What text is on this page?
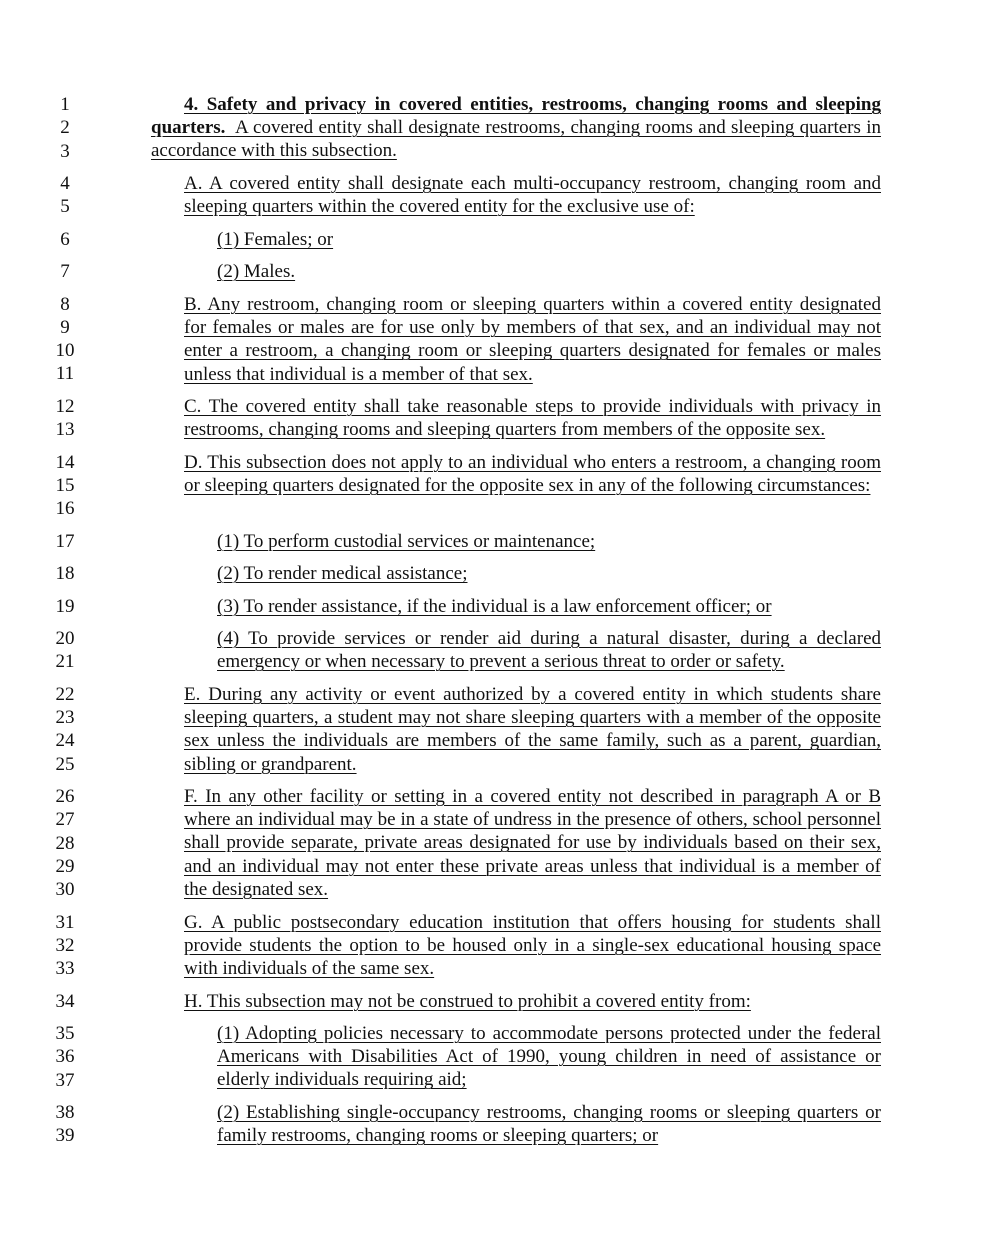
1
2
3
4
5
6
7
8
9
10
11
12
13
14
15
16
17
18
19
20
21
22
23
24
25
26
27
28
29
30
31
32
33
34
35
36
37
38
39
4. Safety and privacy in covered entities, restrooms, changing rooms and sleeping quarters. A covered entity shall designate restrooms, changing rooms and sleeping quarters in accordance with this subsection.
A. A covered entity shall designate each multi-occupancy restroom, changing room and sleeping quarters within the covered entity for the exclusive use of:
(1) Females; or
(2) Males.
B. Any restroom, changing room or sleeping quarters within a covered entity designated for females or males are for use only by members of that sex, and an individual may not enter a restroom, a changing room or sleeping quarters designated for females or males unless that individual is a member of that sex.
C. The covered entity shall take reasonable steps to provide individuals with privacy in restrooms, changing rooms and sleeping quarters from members of the opposite sex.
D. This subsection does not apply to an individual who enters a restroom, a changing room or sleeping quarters designated for the opposite sex in any of the following circumstances:
(1) To perform custodial services or maintenance;
(2) To render medical assistance;
(3) To render assistance, if the individual is a law enforcement officer; or
(4) To provide services or render aid during a natural disaster, during a declared emergency or when necessary to prevent a serious threat to order or safety.
E. During any activity or event authorized by a covered entity in which students share sleeping quarters, a student may not share sleeping quarters with a member of the opposite sex unless the individuals are members of the same family, such as a parent, guardian, sibling or grandparent.
F. In any other facility or setting in a covered entity not described in paragraph A or B where an individual may be in a state of undress in the presence of others, school personnel shall provide separate, private areas designated for use by individuals based on their sex, and an individual may not enter these private areas unless that individual is a member of the designated sex.
G. A public postsecondary education institution that offers housing for students shall provide students the option to be housed only in a single-sex educational housing space with individuals of the same sex.
H. This subsection may not be construed to prohibit a covered entity from:
(1) Adopting policies necessary to accommodate persons protected under the federal Americans with Disabilities Act of 1990, young children in need of assistance or elderly individuals requiring aid;
(2) Establishing single-occupancy restrooms, changing rooms or sleeping quarters or family restrooms, changing rooms or sleeping quarters; or
